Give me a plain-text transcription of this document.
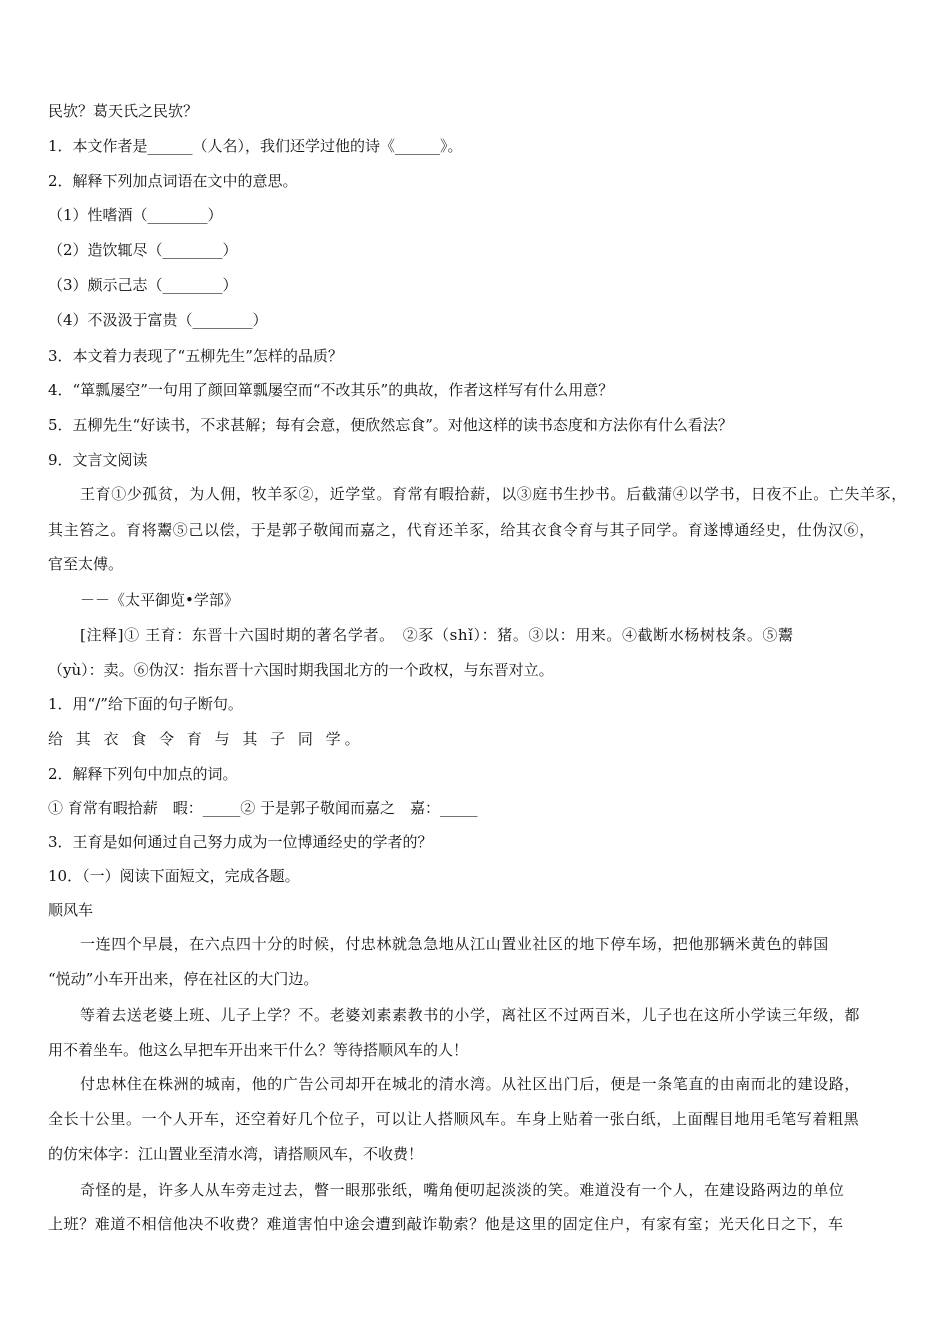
民欤？葛天氏之民欤？
1．本文作者是______（人名），我们还学过他的诗《______》。
2．解释下列加点词语在文中的意思。
（1）性嗜酒（________）
（2）造饮辄尽（________）
（3）颇示己志（________）
（4）不汲汲于富贵（________）
3．本文着力表现了“五柳先生”怎样的品质？
4．“箪瓢屡空”一句用了颜回箪瓢屡空而“不改其乐”的典故，作者这样写有什么用意？
5．五柳先生“好读书，不求甚解；每有会意，便欣然忘食”。对他这样的读书态度和方法你有什么看法？
9．文言文阅读
王育①少孤贫，为人佣，牧羊豕②，近学堂。育常有暇拾薪，以③庭书生抄书。后截蒲④以学书，日夜不止。亡失羊豕，
其主笞之。育将鬻⑤己以偿，于是郭子敬闻而嘉之，代育还羊豕，给其衣食令育与其子同学。育遂博通经史，仕伪汉⑥，
官至太傅。
－－《太平御览•学部》
[注释]① 王育：东晋十六国时期的著名学者。　②豕（shǐ）：猪。③以：用来。④截断水杨树枝条。⑤鬻
（yù）：卖。⑥伪汉：指东晋十六国时期我国北方的一个政权，与东晋对立。
1．用“/”给下面的句子断句。
给 其 衣 食 令 育 与 其 子 同 学。
2．解释下列句中加点的词。
① 育常有暇拾薪　暇：_____② 于是郭子敬闻而嘉之　嘉：_____
3．王育是如何通过自己努力成为一位博通经史的学者的？
10．（一）阅读下面短文，完成各题。
顺风车
一连四个早晨，在六点四十分的时候，付忠林就急急地从江山置业社区的地下停车场，把他那辆米黄色的韩国
“悦动”小车开出来，停在社区的大门边。
等着去送老婆上班、儿子上学？不。老婆刘素素教书的小学，离社区不过两百米，儿子也在这所小学读三年级，都
用不着坐车。他这么早把车开出来干什么？等待搭顺风车的人！
付忠林住在株洲的城南，他的广告公司却开在城北的清水湾。从社区出门后，便是一条笔直的由南而北的建设路，
全长十公里。一个人开车，还空着好几个位子，可以让人搭顺风车。车身上贴着一张白纸，上面醒目地用毛笔写着粗黑
的仿宋体字：江山置业至清水湾，请搭顺风车，不收费！
奇怪的是，许多人从车旁走过去，瞥一眼那张纸，嘴角便叨起淡淡的笑。难道没有一个人，在建设路两边的单位
上班？难道不相信他决不收费？难道害怕中途会遭到敲诈勒索？他是这里的固定住户，有家有室；光天化日之下，车
